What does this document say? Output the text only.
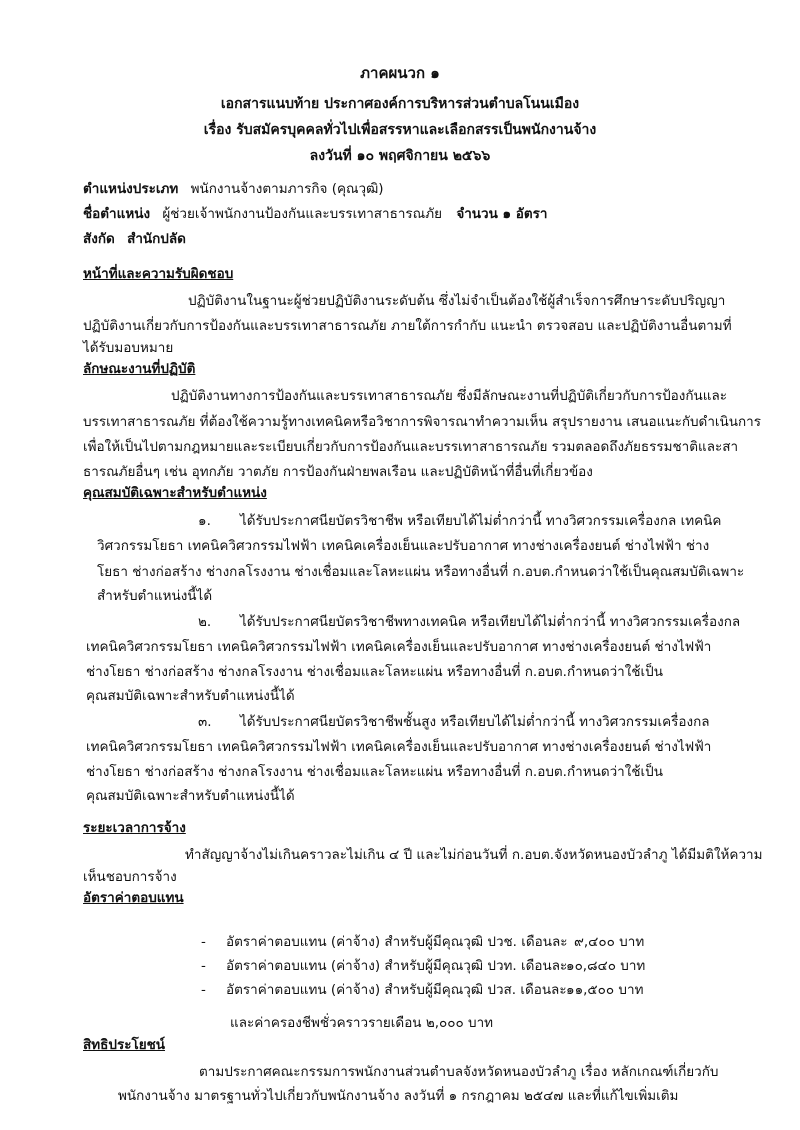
ภาคผนวก ๑
เอกสารแนบท้าย ประกาศองค์การบริหารส่วนตำบลโนนเมือง
เรื่อง รับสมัครบุคคลทั่วไปเพื่อสรรหาและเลือกสรรเป็นพนักงานจ้าง
ลงวันที่ ๑๐ พฤศจิกายน ๒๕๖๖
ตำแหน่งประเภท พนักงานจ้างตามภารกิจ (คุณวุฒิ)
ชื่อตำแหน่ง ผู้ช่วยเจ้าพนักงานป้องกันและบรรเทาสาธารณภัย จำนวน ๑ อัตรา
สังกัด สำนักปลัด
หน้าที่และความรับผิดชอบ
ปฏิบัติงานในฐานะผู้ช่วยปฏิบัติงานระดับต้น ซึ่งไม่จำเป็นต้องใช้ผู้สำเร็จการศึกษาระดับปริญญา
ปฏิบัติงานเกี่ยวกับการป้องกันและบรรเทาสาธารณภัย ภายใต้การกำกับ แนะนำ ตรวจสอบ และปฏิบัติงานอื่นตามที่
ได้รับมอบหมาย
ลักษณะงานที่ปฏิบัติ
ปฏิบัติงานทางการป้องกันและบรรเทาสาธารณภัย ซึ่งมีลักษณะงานที่ปฏิบัติเกี่ยวกับการป้องกันและ
บรรเทาสาธารณภัย ที่ต้องใช้ความรู้ทางเทคนิคหรือวิชาการพิจารณาทำความเห็น สรุปรายงาน เสนอแนะกับดำเนินการ
เพื่อให้เป็นไปตามกฎหมายและระเบียบเกี่ยวกับการป้องกันและบรรเทาสาธารณภัย รวมตลอดถึงภัยธรรมชาติและสา
ธารณภัยอื่นๆ เช่น อุทกภัย วาตภัย การป้องกันฝ่ายพลเรือน และปฏิบัติหน้าที่อื่นที่เกี่ยวข้อง
คุณสมบัติเฉพาะสำหรับตำแหน่ง
๑. ได้รับประกาศนียบัตรวิชาชีพ หรือเทียบได้ไม่ต่ำกว่านี้ ทางวิศวกรรมเครื่องกล เทคนิค
วิศวกรรมโยธา เทคนิควิศวกรรมไฟฟ้า เทคนิคเครื่องเย็นและปรับอากาศ ทางช่างเครื่องยนต์ ช่างไฟฟ้า ช่าง
โยธา ช่างก่อสร้าง ช่างกลโรงงาน ช่างเชื่อมและโลหะแผ่น หรือทางอื่นที่ ก.อบต.กำหนดว่าใช้เป็นคุณสมบัติเฉพาะ
สำหรับตำแหน่งนี้ได้
๒. ได้รับประกาศนียบัตรวิชาชีพทางเทคนิค หรือเทียบได้ไม่ต่ำกว่านี้ ทางวิศวกรรมเครื่องกล
เทคนิควิศวกรรมโยธา เทคนิควิศวกรรมไฟฟ้า เทคนิคเครื่องเย็นและปรับอากาศ ทางช่างเครื่องยนต์ ช่างไฟฟ้า
ช่างโยธา ช่างก่อสร้าง ช่างกลโรงงาน ช่างเชื่อมและโลหะแผ่น หรือทางอื่นที่ ก.อบต.กำหนดว่าใช้เป็น
คุณสมบัติเฉพาะสำหรับตำแหน่งนี้ได้
๓. ได้รับประกาศนียบัตรวิชาชีพชั้นสูง หรือเทียบได้ไม่ต่ำกว่านี้ ทางวิศวกรรมเครื่องกล
เทคนิควิศวกรรมโยธา เทคนิควิศวกรรมไฟฟ้า เทคนิคเครื่องเย็นและปรับอากาศ ทางช่างเครื่องยนต์ ช่างไฟฟ้า
ช่างโยธา ช่างก่อสร้าง ช่างกลโรงงาน ช่างเชื่อมและโลหะแผ่น หรือทางอื่นที่ ก.อบต.กำหนดว่าใช้เป็น
คุณสมบัติเฉพาะสำหรับตำแหน่งนี้ได้
ระยะเวลาการจ้าง
ทำสัญญาจ้างไม่เกินคราวละไม่เกิน ๔ ปี และไม่ก่อนวันที่ ก.อบต.จังหวัดหนองบัวลำภู ได้มีมติให้ความ
เห็นชอบการจ้าง
อัตราค่าตอบแทน
- อัตราค่าตอบแทน (ค่าจ้าง) สำหรับผู้มีคุณวุฒิ ปวช. เดือนละ ๙,๔๐๐ บาท
- อัตราค่าตอบแทน (ค่าจ้าง) สำหรับผู้มีคุณวุฒิ ปวท. เดือนละ
๑๐,๘๔๐ บาท
- อัตราค่าตอบแทน (ค่าจ้าง) สำหรับผู้มีคุณวุฒิ ปวส. เดือนละ ๑๑,๕๐๐ บาท
และค่าครองชีพชั่วคราวรายเดือน ๒,๐๐๐ บาท
สิทธิประโยชน์
ตามประกาศคณะกรรมการพนักงานส่วนตำบลจังหวัดหนองบัวลำภู เรื่อง หลักเกณฑ์เกี่ยวกับ
พนักงานจ้าง มาตรฐานทั่วไปเกี่ยวกับพนักงานจ้าง ลงวันที่ ๑ กรกฎาคม ๒๕๔๗ และที่แก้ไขเพิ่มเติม
